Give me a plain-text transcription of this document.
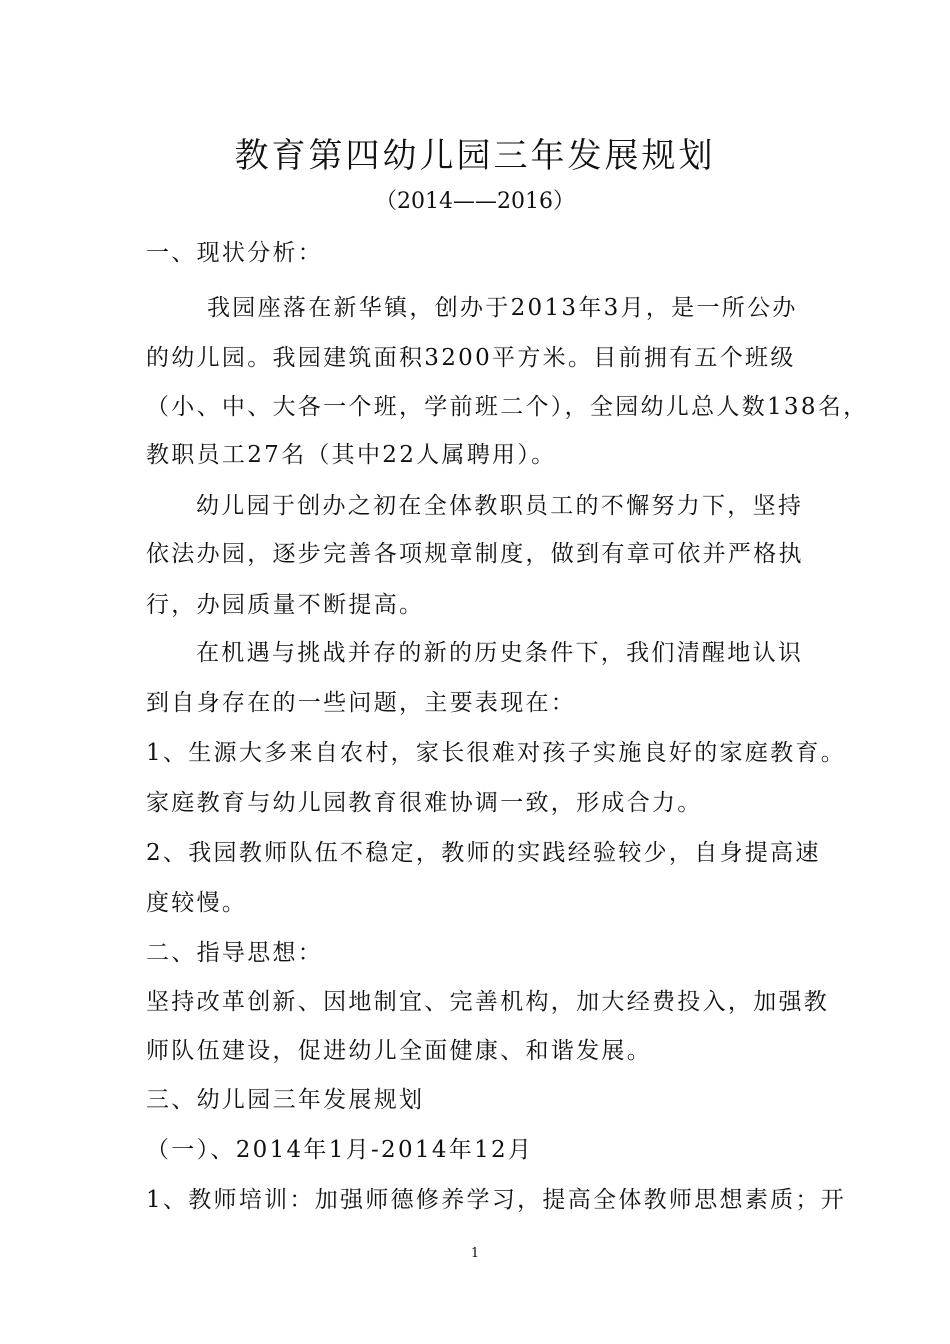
教育第四幼儿园三年发展规划
（2014——2016）
一、现状分析：
我园座落在新华镇，创办于2013年3月，是一所公办
的幼儿园。我园建筑面积3200平方米。目前拥有五个班级
（小、中、大各一个班，学前班二个），全园幼儿总人数138名，
教职员工27名（其中22人属聘用）。
幼儿园于创办之初在全体教职员工的不懈努力下，坚持
依法办园，逐步完善各项规章制度，做到有章可依并严格执
行，办园质量不断提高。
在机遇与挑战并存的新的历史条件下，我们清醒地认识
到自身存在的一些问题，主要表现在：
1、生源大多来自农村，家长很难对孩子实施良好的家庭教育。
家庭教育与幼儿园教育很难协调一致，形成合力。
2、我园教师队伍不稳定，教师的实践经验较少，自身提高速
度较慢。
二、指导思想：
坚持改革创新、因地制宜、完善机构，加大经费投入，加强教
师队伍建设，促进幼儿全面健康、和谐发展。
三、幼儿园三年发展规划
（一）、2014年1月-2014年12月
1、教师培训：加强师德修养学习，提高全体教师思想素质；开
1
